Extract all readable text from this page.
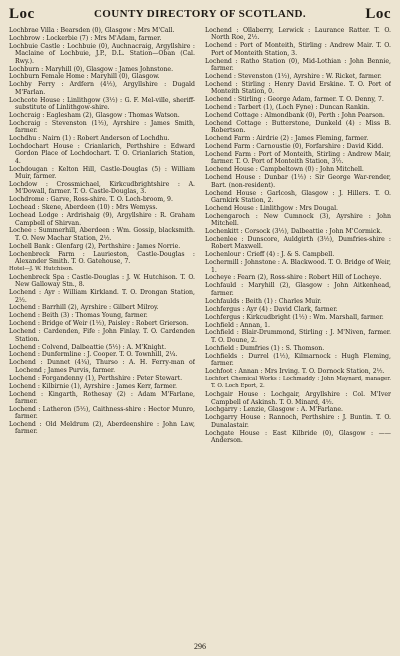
Loc	COUNTY DIRECTORY OF SCOTLAND.	Loc

Lochbrae Villa : Bearsden (0), Glasgow : Mrs M'Call.

Lochbrow : Lockerbie (7) : Mrs M'Adam, farmer.

Lochbuie Castle : Lochbuie (0), Auchnacraig, Argyllshire : Maclaine of Lochbuie, J.P., D.L. Station—Oban (Cal. Rwy.).

Lochburn : Maryhill (0), Glasgow : James Johnstone.

Lochburn Female Home : Maryhill (0), Glasgow.

Lochby Ferry : Ardfern (4½), Argyllshire : Dugald M'Farlan.

Lochcote House : Linlithgow (3½) : G. F. Mel-ville, sheriff-substitute of Linlithgow-shire.

Lochcraig : Eaglesham (2), Glasgow : Thomas Watson.

Lochcraig : Stevenston (1½), Ayrshire : James Smith, farmer.

Lochdhu : Nairn (1) : Robert Anderson of Lochdhu.

Lochdochart House : Crianlarich, Perthshire : Edward Gordon Place of Lochdochart. T. O. Crianlarich Station, 4.

Lochdougan : Kelton Hill, Castle-Douglas (5) : William Muir, farmer.

Lochdow : Crossmichael, Kirkcudbrightshire : A. M'Dowall, farmer. T. O. Castle-Douglas, 3.

Lochdrome : Garve, Ross-shire. T. O. Loch-broom, 9.

Lochead : Skene, Aberdeen (10) : Mrs Wemyss.

Lochead Lodge : Ardrishaig (9), Argyllshire : R. Graham Campbell of Shirvan.

Lochee : Summerhill, Aberdeen : Wm. Gossip, blacksmith. T. O. New Machar Station, 2½.

Lochell Bank : Glenfarg (2), Perthshire : James Norrie.

Lochenbreck Farm : Laurieston, Castle-Douglas : Alexander Smith. T. O. Gatehouse, 7.

Hotel—J. W. Hutchison.

Lochenbreck Spa : Castle-Douglas : J. W. Hutchison. T. O. New Galloway Stn., 8.

Lochend : Ayr : William Kirkland. T. O. Drongan Station, 2½.

Lochend : Barrhill (2), Ayrshire : Gilbert Milroy.

Lochend : Beith (3) : Thomas Young, farmer.

Lochend : Bridge of Weir (1½), Paisley : Robert Grierson.

Lochend : Cardenden, Fife : John Finlay. T. O. Cardenden Station.

Lochend : Colvend, Dalbeattie (5½) : A. M'Knight.

Lochend : Dunfermline : J. Cooper. T. O. Townhill, 2¼.

Lochend : Dunnet (4¼), Thurso : A. H. Ferry-man of Lochend ; James Purvis, farmer.

Lochend : Forgandenny (1), Perthshire : Peter Stewart.

Lochend : Kilbirnie (1), Ayrshire : James Kerr, farmer.

Lochend : Kingarth, Rothesay (2) : Adam M'Farlane, farmer.

Lochend : Latheron (5½), Caithness-shire : Hector Munro, farmer.

Lochend : Old Meldrum (2), Aberdeenshire : John Law, farmer.

Lochend : Ollaberry, Lerwick : Laurance Ratter. T. O. North Roe, 2½.

Lochend : Port of Monteith, Stirling : Andrew Mair. T. O. Port of Monteith Station, 3.

Lochend : Ratho Station (0), Mid-Lothian : John Bennie, farmer.

Lochend : Stevenston (1½), Ayrshire : W. Ricket, farmer.

Lochend : Stirling : Henry David Erskine. T. O. Port of Monteith Station, 0.

Lochend : Stirling : George Adam, farmer. T. O. Denny, 7.

Lochend : Tarbert (1), (Loch Fyne) : Duncan Rankin.

Lochend Cottage : Almondbank (0), Perth : John Pearson.

Lochend Cottage : Butterstone, Dunkeld (4) : Miss B. Robertson.

Lochend Farm : Airdrie (2) : James Fleming, farmer.

Lochend Farm : Carnoustie (0), Forfarshire : David Kidd.

Lochend Farm : Port of Monteith, Stirling : Andrew Mair, farmer. T. O. Port of Monteith Station, 3½.

Lochend House : Campbeltown (0) : John Mitchell.

Lochend House : Dunbar (1½) : Sir George War-render, Bart. (non-resident).

Lochend House : Garlcosh, Glasgow : J. Hillers. T. O. Garnkirk Station, 2.

Lochend House : Linlithgow : Mrs Dougal.

Lochengaroch : New Cumnock (3), Ayrshire : John Mitchell.

Lochenkitt : Corsock (3½), Dalbeattie : John M'Cormick.

Lochenlee : Dunscore, Auldgirth (3½), Dumfries-shire : Robert Maxwell.

Lochenlour : Crieff (4) : J. & S. Campbell.

Lochermill : Johnstone : A. Blackwood. T. O. Bridge of Weir, 1.

Locheye : Fearn (2), Ross-shire : Robert Hill of Locheye.

Lochfauld : Maryhill (2), Glasgow : John Aitkenhead, farmer.

Lochfaulds : Beith (1) : Charles Muir.

Lochfergus : Ayr (4) : David Clark, farmer.

Lochfergus : Kirkcudbright (1½) : Wm. Marshall, farmer.

Lochfield : Annan, 1.

Lochfield : Blair-Drummond, Stirling : J. M'Niven, farmer. T. O. Doune, 2.

Lochfield : Dumfries (1) : S. Thomson.

Lochfields : Durrel (1½), Kilmarnock : Hugh Fleming, farmer.

Lochfoot : Annan : Mrs Irving. T. O. Dornock Station, 2½.

Lochfort Chemical Works : Lochmaddy : John Maynard, manager. T. O. Loch Eport, 2.

Lochgair House : Lochgair, Argyllshire : Col. M'Iver Campbell of Askinsh. T. O. Minard, 4½.

Lochgarry : Lenzie, Glasgow : A. M'Farlane.

Lochgarry House : Rannoch, Perthshire : J. Buntin. T. O. Dunalastair.

Lochgate House : East Kilbride (0), Glasgow : —— Anderson.

296
